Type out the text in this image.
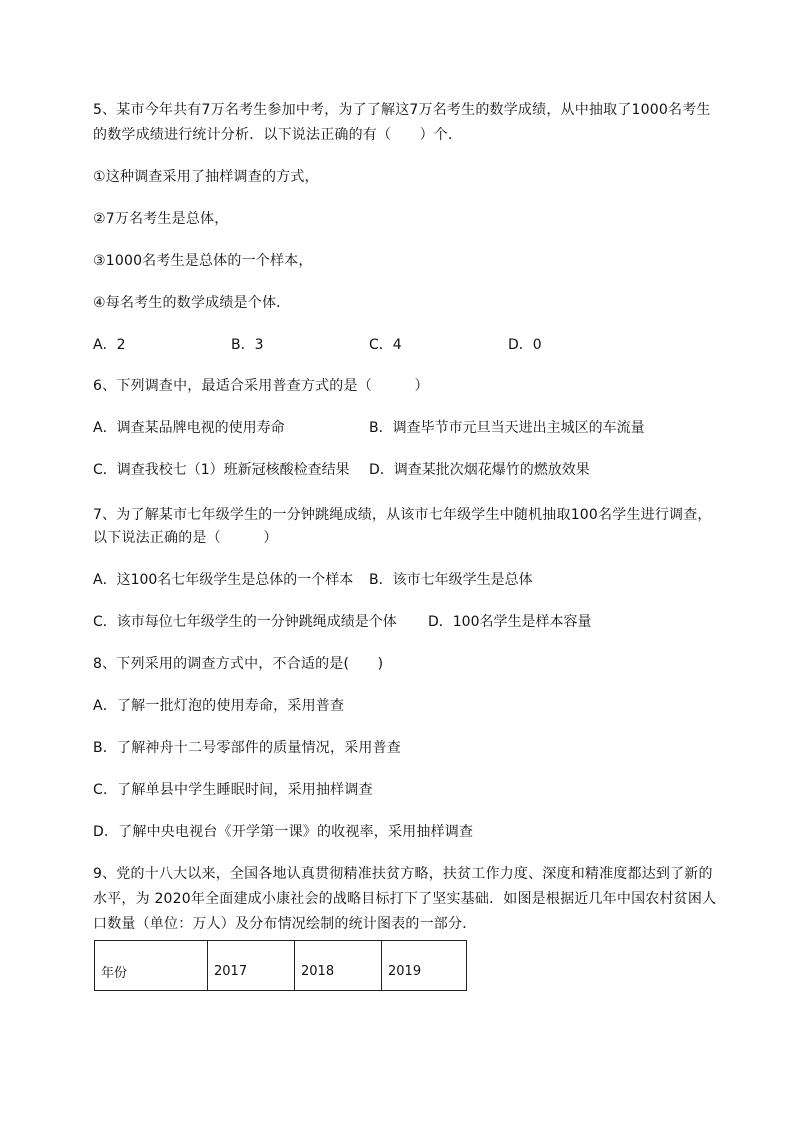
5、某市今年共有7万名考生参加中考，为了了解这7万名考生的数学成绩，从中抽取了1000名考生
的数学成绩进行统计分析．以下说法正确的有（　　）个．
①这种调查采用了抽样调查的方式，
②7万名考生是总体，
③1000名考生是总体的一个样本，
④每名考生的数学成绩是个体．
A．2	B．3	C．4	D．0
6、下列调查中，最适合采用普查方式的是（　　　）
A．调查某品牌电视的使用寿命	B．调查毕节市元旦当天进出主城区的车流量
C．调查我校七（1）班新冠核酸检查结果 D．调查某批次烟花爆竹的燃放效果
7、为了解某市七年级学生的一分钟跳绳成绩，从该市七年级学生中随机抽取100名学生进行调查，
以下说法正确的是（　　　）
A．这100名七年级学生是总体的一个样本 B．该市七年级学生是总体
C．该市每位七年级学生的一分钟跳绳成绩是个体 D．100名学生是样本容量
8、下列采用的调查方式中，不合适的是(　　)
A．了解一批灯泡的使用寿命，采用普查
B．了解神舟十二号零部件的质量情况，采用普查
C．了解单县中学生睡眠时间，采用抽样调查
D．了解中央电视台《开学第一课》的收视率，采用抽样调查
9、党的十八大以来，全国各地认真贯彻精准扶贫方略，扶贫工作力度、深度和精准度都达到了新的
水平，为 2020年全面建成小康社会的战略目标打下了坚实基础．如图是根据近几年中国农村贫困人
口数量（单位：万人）及分布情况绘制的统计图表的一部分．
年份	2017	2018	2019
